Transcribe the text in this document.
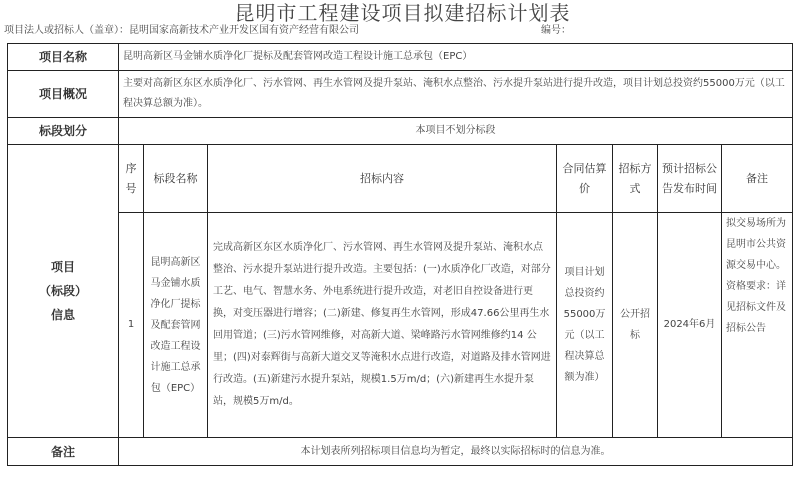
昆明市工程建设项目拟建招标计划表
项目法人或招标人（盖章）：昆明国家高新技术产业开发区国有资产经营有限公司	编号：
项目名称	昆明高新区马金铺水质净化厂提标及配套管网改造工程设计施工总承包（EPC）						
项目概况	主要对高新区东区水质净化厂、污水管网、再生水管网及提升泵站、淹积水点整治、污水提升泵站进行提升改造，项目计划总投资约55000万元（以工程决算总额为准）。						
标段划分	本项目不划分标段						

项目
（标段）
信息	序号	标段名称	招标内容	合同估算价	招标方式	预计招标公告发布时间	备注
	1	昆明高新区马金铺水质净化厂提标及配套管网改造工程设计施工总承包（EPC）	完成高新区东区水质净化厂、污水管网、再生水管网及提升泵站、淹积水点整治、污水提升泵站进行提升改造。主要包括：(一)水质净化厂改造，对部分工艺、电气、智慧水务、外电系统进行提升改造，对老旧自控设备进行更换，对变压器进行增容；(二)新建、修复再生水管网，形成47.66公里再生水回用管道；(三)污水管网维修，对高新大道、梁峰路污水管网维修约14 公里；(四)对泰辉街与高新大道交叉等淹积水点进行改造，对道路及排水管网进行改造。(五)新建污水提升泵站，规模1.5万m/d；(六)新建再生水提升泵站，规模5万m/d。	项目计划总投资约55000万元（以工程决算总额为准）	公开招标	2024年6月	拟交易场所为昆明市公共资源交易中心。资格要求：详见招标文件及招标公告
备注	本计划表所列招标项目信息均为暂定，最终以实际招标时的信息为准。						
